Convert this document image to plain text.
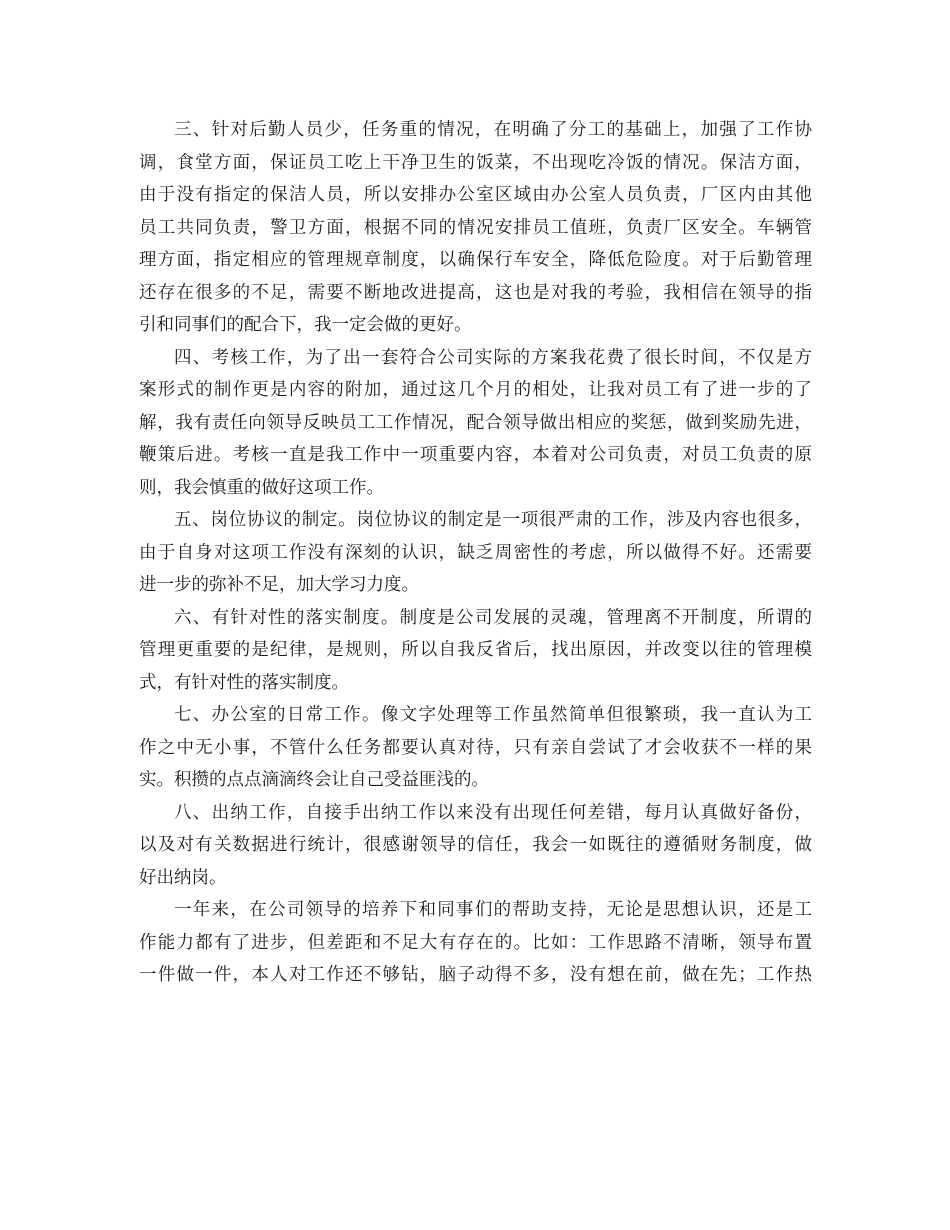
三、针对后勤人员少，任务重的情况，在明确了分工的基础上，加强了工作协
调，食堂方面，保证员工吃上干净卫生的饭菜，不出现吃冷饭的情况。保洁方面，
由于没有指定的保洁人员，所以安排办公室区域由办公室人员负责，厂区内由其他
员工共同负责，警卫方面，根据不同的情况安排员工值班，负责厂区安全。车辆管
理方面，指定相应的管理规章制度，以确保行车安全，降低危险度。对于后勤管理
还存在很多的不足，需要不断地改进提高，这也是对我的考验，我相信在领导的指
引和同事们的配合下，我一定会做的更好。
四、考核工作，为了出一套符合公司实际的方案我花费了很长时间，不仅是方
案形式的制作更是内容的附加，通过这几个月的相处，让我对员工有了进一步的了
解，我有责任向领导反映员工工作情况，配合领导做出相应的奖惩，做到奖励先进，
鞭策后进。考核一直是我工作中一项重要内容，本着对公司负责，对员工负责的原
则，我会慎重的做好这项工作。
五、岗位协议的制定。岗位协议的制定是一项很严肃的工作，涉及内容也很多，
由于自身对这项工作没有深刻的认识，缺乏周密性的考虑，所以做得不好。还需要
进一步的弥补不足，加大学习力度。
六、有针对性的落实制度。制度是公司发展的灵魂，管理离不开制度，所谓的
管理更重要的是纪律，是规则，所以自我反省后，找出原因，并改变以往的管理模
式，有针对性的落实制度。
七、办公室的日常工作。像文字处理等工作虽然简单但很繁琐，我一直认为工
作之中无小事，不管什么任务都要认真对待，只有亲自尝试了才会收获不一样的果
实。积攒的点点滴滴终会让自己受益匪浅的。
八、出纳工作，自接手出纳工作以来没有出现任何差错，每月认真做好备份，
以及对有关数据进行统计，很感谢领导的信任，我会一如既往的遵循财务制度，做
好出纳岗。
一年来，在公司领导的培养下和同事们的帮助支持，无论是思想认识，还是工
作能力都有了进步，但差距和不足大有存在的。比如：工作思路不清晰，领导布置
一件做一件，本人对工作还不够钻，脑子动得不多，没有想在前，做在先；工作热
